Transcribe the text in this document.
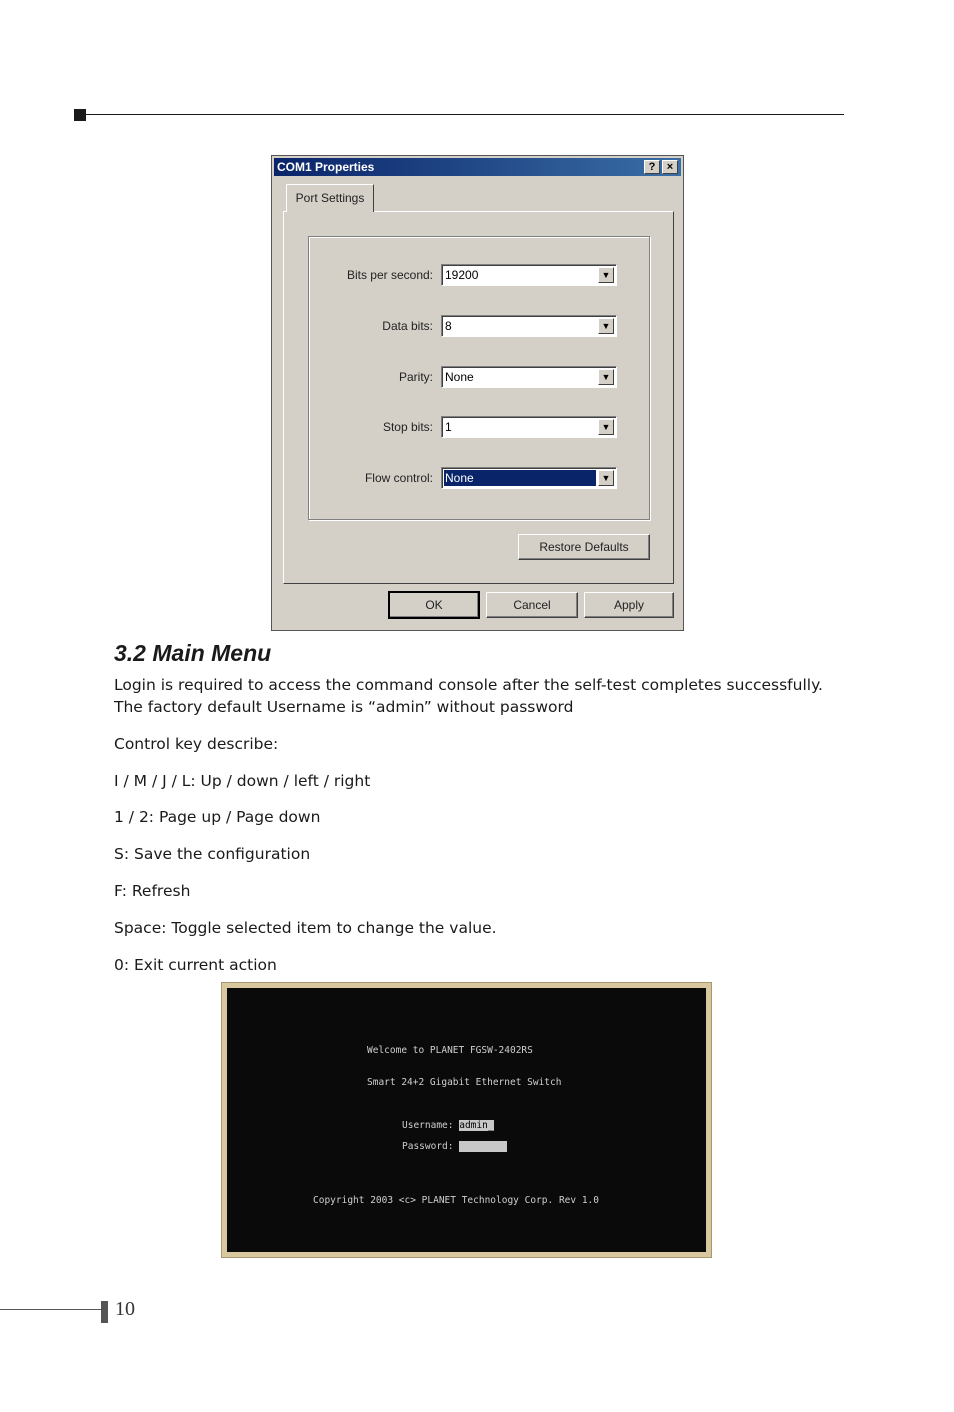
COM1 Properties	?	×
Port Settings
Bits per second: 19200	▼
Data bits: 8	▼
Parity: None	▼
Stop bits: 1	▼
Flow control: None	▼
Restore Defaults
OK	Cancel	Apply
3.2 Main Menu
Login is required to access the command console after the self-test completes successfully.
The factory default Username is “admin” without password
Control key describe:
I / M / J / L: Up / down / left / right
1 / 2: Page up / Page down
S: Save the configuration
F: Refresh
Space: Toggle selected item to change the value.
0: Exit current action
Welcome to PLANET FGSW-2402RS
Smart 24+2 Gigabit Ethernet Switch
Username: admin_
Password:
Copyright 2003 <c> PLANET Technology Corp. Rev 1.0
10
